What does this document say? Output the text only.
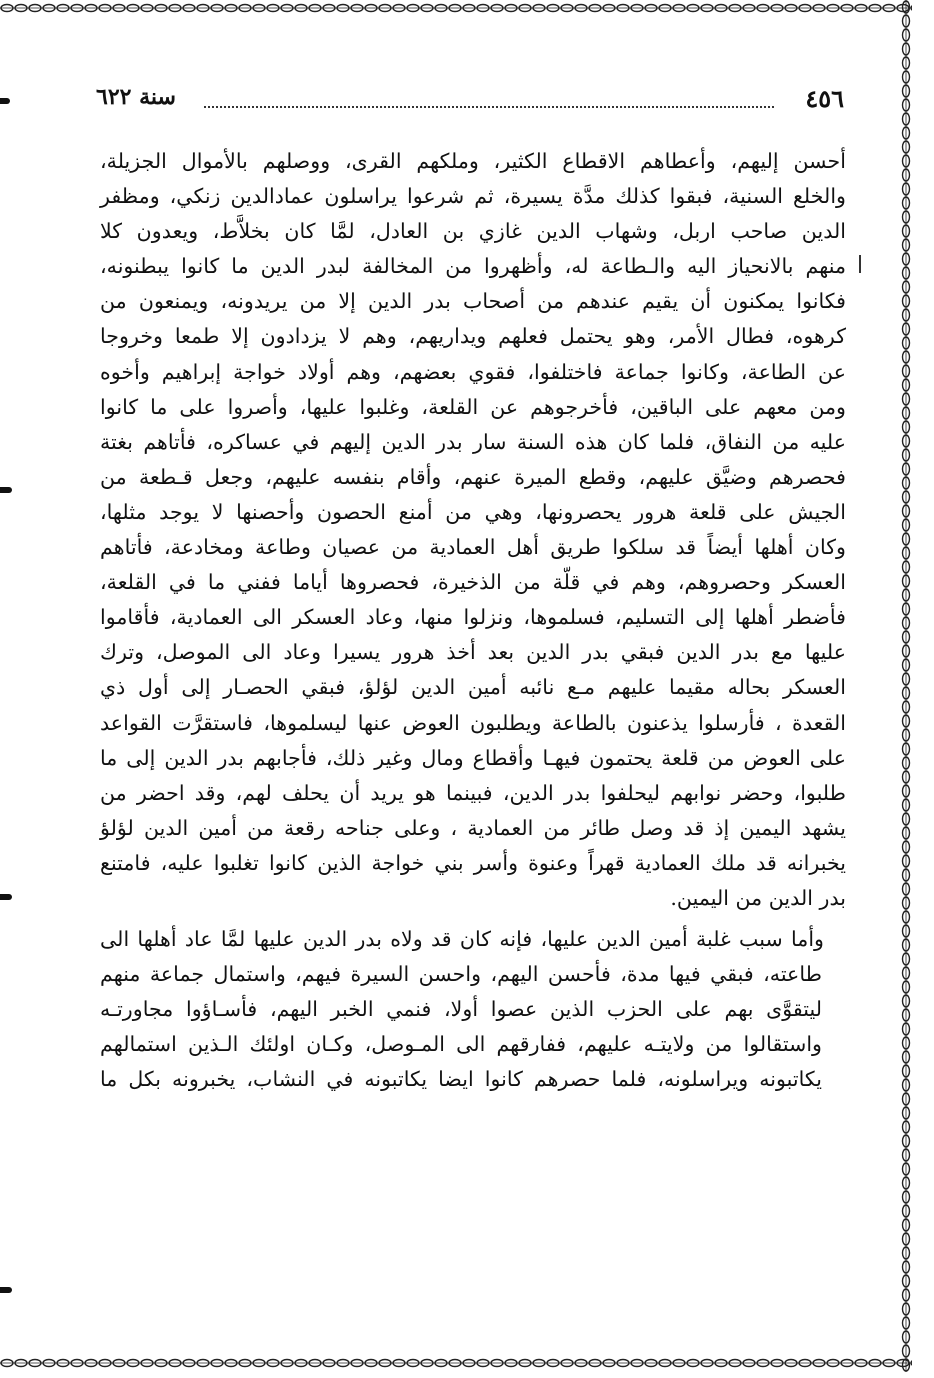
٤٥٦
سنة ٦٢٢

أحسن إليهم، وأعطاهم الاقطاع الكثير، وملكهم القرى، ووصلهم بالأموال الجزيلة،
والخلع السنية، فبقوا كذلك مدَّة يسيرة، ثم شرعوا يراسلون عمادالدين زنكي، ومظفر
الدين صاحب اربل، وشهاب الدين غازي بن العادل، لمَّا كان بخلاَّط، ويعدون كلا
منهم بالانحياز اليه والـطاعة له، وأظهروا من المخالفة لبدر الدين ما كانوا يبطنونه،
فكانوا يمكنون أن يقيم عندهم من أصحاب بدر الدين إلا من يريدونه، ويمنعون من
كرهوه، فطال الأمر، وهو يحتمل فعلهم ويداريهم، وهم لا يزدادون إلا طمعا وخروجا
عن الطاعة، وكانوا جماعة فاختلفوا، فقوي بعضهم، وهم أولاد خواجة إبراهيم وأخوه
ومن معهم على الباقين، فأخرجوهم عن القلعة، وغلبوا عليها، وأصروا على ما كانوا
عليه من النفاق، فلما كان هذه السنة سار بدر الدين إليهم في عساكره، فأتاهم بغتة
فحصرهم وضيَّق عليهم، وقطع الميرة عنهم، وأقام بنفسه عليهم، وجعل قـطعة من
الجيش على قلعة هرور يحصرونها، وهي من أمنع الحصون وأحصنها لا يوجد مثلها،
وكان أهلها أيضاً قد سلكوا طريق أهل العمادية من عصيان وطاعة ومخادعة، فأتاهم
العسكر وحصروهم، وهم في قلّة من الذخيرة، فحصروها أياما ففني ما في القلعة،
فأضطر أهلها إلى التسليم، فسلموها، ونزلوا منها، وعاد العسكر الى العمادية، فأقاموا
عليها مع بدر الدين فبقي بدر الدين بعد أخذ هرور يسيرا وعاد الى الموصل، وترك
العسكر بحاله مقيما عليهم مـع نائبه أمين الدين لؤلؤ، فبقي الحصـار إلى أول ذي
القعدة ، فأرسلوا يذعنون بالطاعة ويطلبون العوض عنها ليسلموها، فاستقرَّت القواعد
على العوض من قلعة يحتمون فيهـا وأقطاع ومال وغير ذلك، فأجابهم بدر الدين إلى ما
طلبوا، وحضر نوابهم ليحلفوا بدر الدين، فبينما هو يريد أن يحلف لهم، وقد احضر من
يشهد اليمين إذ قد وصل طائر من العمادية ، وعلى جناحه رقعة من أمين الدين لؤلؤ
يخبرانه قد ملك العمادية قهراً وعنوة وأسر بني خواجة الذين كانوا تغلبوا عليه، فامتنع
بدر الدين من اليمين.

وأما سبب غلبة أمين الدين عليها، فإنه كان قد ولاه بدر الدين عليها لمَّا عاد أهلها الى
طاعته، فبقي فيها مدة، فأحسن اليهم، واحسن السيرة فيهم، واستمال جماعة منهم
ليتقوَّى بهم على الحزب الذين عصوا أولا، فنمي الخبر اليهم، فأسـاؤوا مجاورتـه
واستقالوا من ولايتـه عليهم، ففارقهم الى المـوصل، وكـان اولئك الـذين استمالهم
يكاتبونه ويراسلونه، فلما حصرهم كانوا ايضا يكاتبونه في النشاب، يخبرونه بكل ما
